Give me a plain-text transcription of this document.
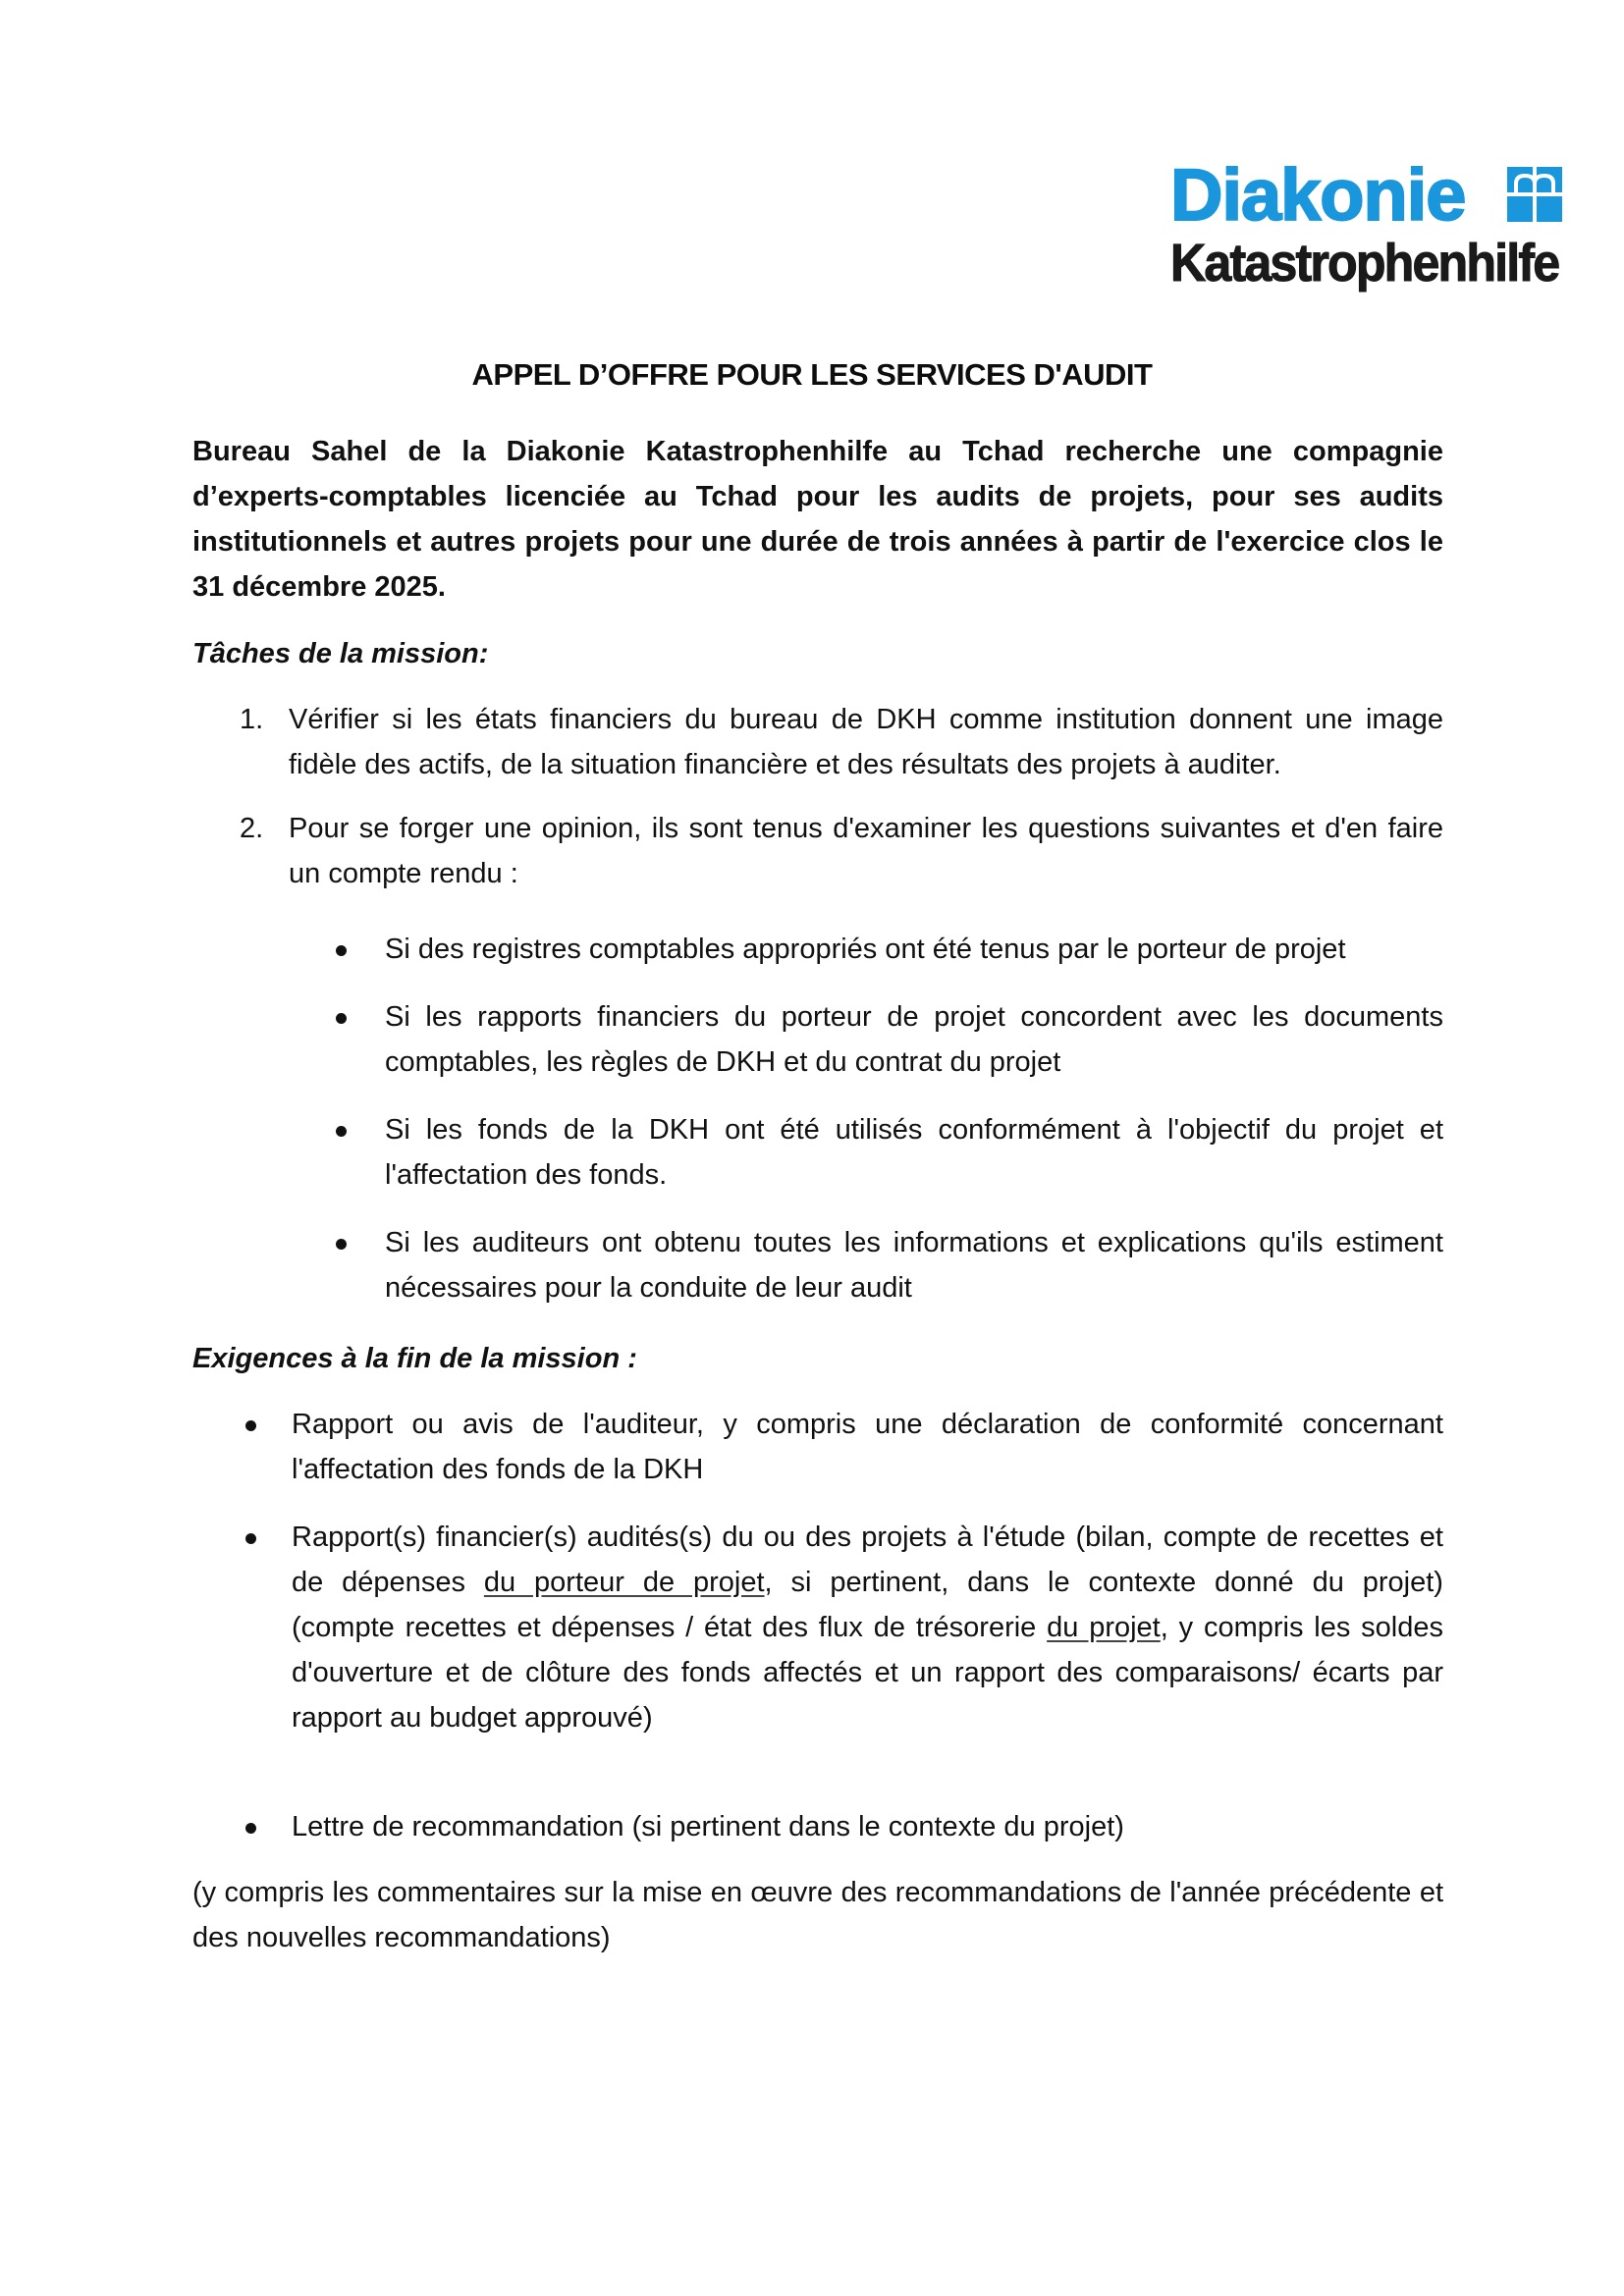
Diakonie
Katastrophenhilfe
APPEL D’OFFRE POUR LES SERVICES D'AUDIT
Bureau Sahel de la Diakonie Katastrophenhilfe au Tchad recherche une compagnie d’experts-comptables licenciée au Tchad pour les audits de projets, pour ses audits institutionnels et autres projets pour une durée de trois années à partir de l'exercice clos le 31 décembre 2025.
Tâches de la mission:
1. Vérifier si les états financiers du bureau de DKH comme institution donnent une image fidèle des actifs, de la situation financière et des résultats des projets à auditer.
2. Pour se forger une opinion, ils sont tenus d'examiner les questions suivantes et d'en faire un compte rendu :
Si des registres comptables appropriés ont été tenus par le porteur de projet
Si les rapports financiers du porteur de projet concordent avec les documents comptables, les règles de DKH et du contrat du projet
Si les fonds de la DKH ont été utilisés conformément à l'objectif du projet et l'affectation des fonds.
Si les auditeurs ont obtenu toutes les informations et explications qu'ils estiment nécessaires pour la conduite de leur audit
Exigences à la fin de la mission :
Rapport ou avis de l'auditeur, y compris une déclaration de conformité concernant l'affectation des fonds de la DKH
Rapport(s) financier(s) audités(s) du ou des projets à l'étude (bilan, compte de recettes et de dépenses du porteur de projet, si pertinent, dans le contexte donné du projet)
(compte recettes et dépenses / état des flux de trésorerie du projet, y compris les soldes d'ouverture et de clôture des fonds affectés et un rapport des comparaisons/ écarts par rapport au budget approuvé)
Lettre de recommandation (si pertinent dans le contexte du projet)
(y compris les commentaires sur la mise en œuvre des recommandations de l'année précédente et des nouvelles recommandations)
